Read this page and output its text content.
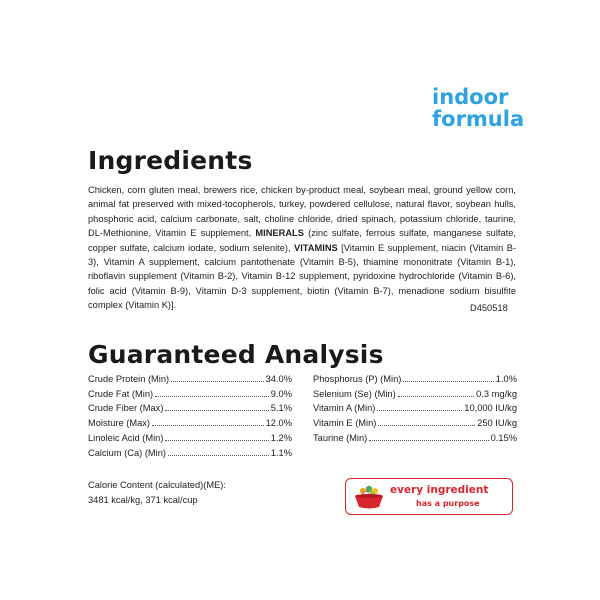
indoor
formula
Ingredients
Chicken, corn gluten meal, brewers rice, chicken by-product meal, soybean meal, ground yellow corn, animal fat preserved with mixed-tocopherols, turkey, powdered cellulose, natural flavor, soybean hulls, phosphoric acid, calcium carbonate, salt, choline chloride, dried spinach, potassium chloride, taurine, DL-Methionine, Vitamin E supplement, MINERALS (zinc sulfate, ferrous sulfate, manganese sulfate, copper sulfate, calcium iodate, sodium selenite), VITAMINS [Vitamin E supplement, niacin (Vitamin B-3), Vitamin A supplement, calcium pantothenate (Vitamin B-5), thiamine mononitrate (Vitamin B-1), riboflavin supplement (Vitamin B-2), Vitamin B-12 supplement, pyridoxine hydrochloride (Vitamin B-6), folic acid (Vitamin B-9), Vitamin D-3 supplement, biotin (Vitamin B-7), menadione sodium bisulfite complex (Vitamin K)].	D450518
Guaranteed Analysis
Crude Protein (Min)	34.0%
Crude Fat (Min)	9.0%
Crude Fiber (Max)	5.1%
Moisture (Max)	12.0%
Linoleic Acid (Min)	1.2%
Calcium (Ca) (Min)	1.1%
Phosphorus (P) (Min)	1.0%
Selenium (Se) (Min)	0.3 mg/kg
Vitamin A (Min)	10,000 IU/kg
Vitamin E (Min)	250 IU/kg
Taurine (Min)	0.15%
Calorie Content (calculated)(ME):
3481 kcal/kg, 371 kcal/cup
every ingredient
has a purpose
